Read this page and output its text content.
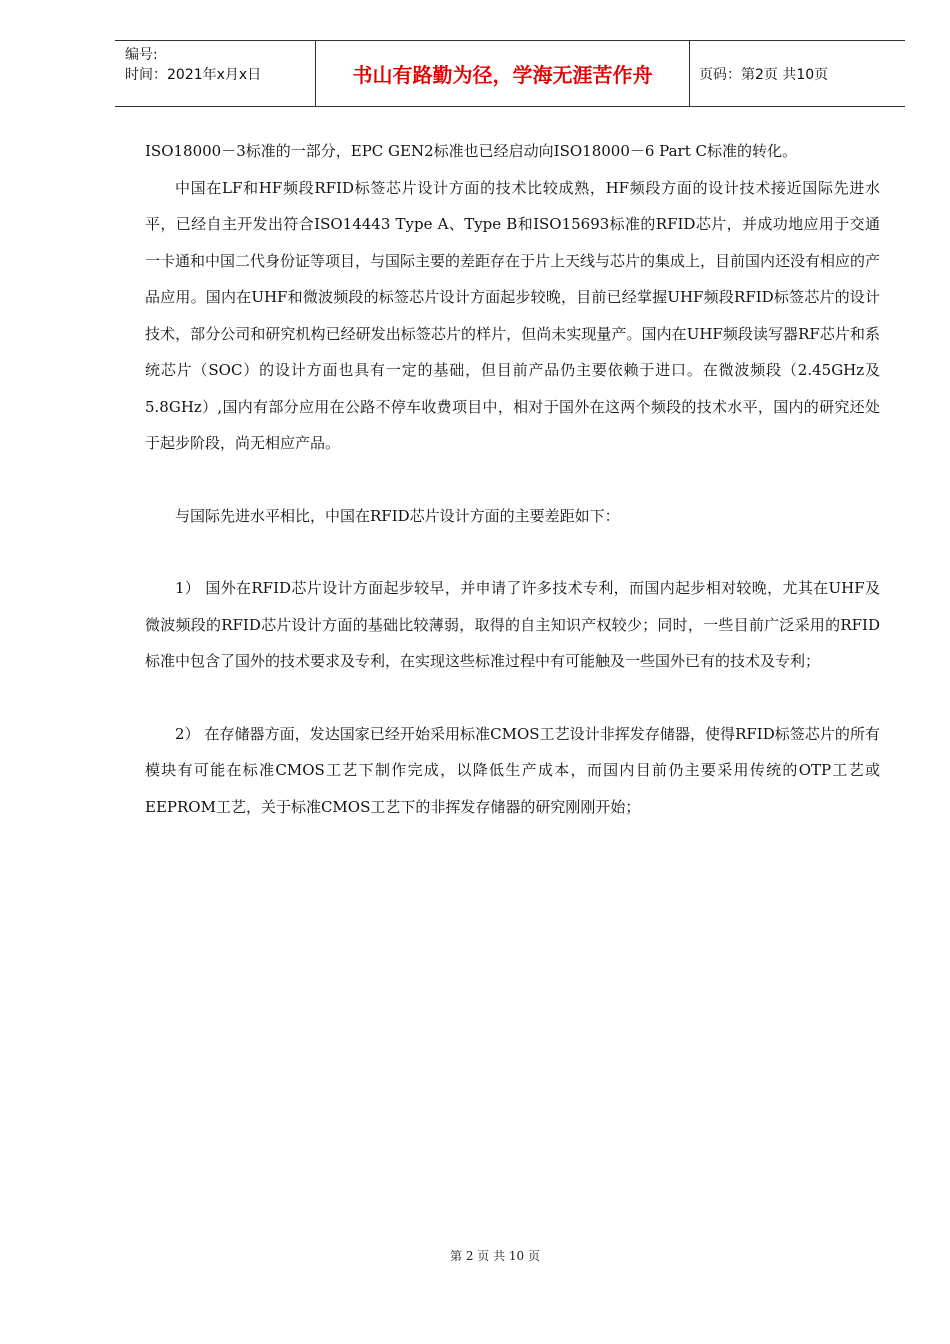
编号:
时间：2021年x月x日	书山有路勤为径，学海无涯苦作舟	页码：第2页 共10页

ISO18000－3标准的一部分，EPC GEN2标准也已经启动向ISO18000－6 Part C标准的转化。

中国在LF和HF频段RFID标签芯片设计方面的技术比较成熟，HF频段方面的设计技术接近国际先进水平，已经自主开发出符合ISO14443 Type A、Type B和ISO15693标准的RFID芯片，并成功地应用于交通一卡通和中国二代身份证等项目，与国际主要的差距存在于片上天线与芯片的集成上，目前国内还没有相应的产品应用。国内在UHF和微波频段的标签芯片设计方面起步较晚，目前已经掌握UHF频段RFID标签芯片的设计技术，部分公司和研究机构已经研发出标签芯片的样片，但尚未实现量产。国内在UHF频段读写器RF芯片和系统芯片（SOC）的设计方面也具有一定的基础，但目前产品仍主要依赖于进口。在微波频段（2.45GHz及5.8GHz）,国内有部分应用在公路不停车收费项目中，相对于国外在这两个频段的技术水平，国内的研究还处于起步阶段，尚无相应产品。

与国际先进水平相比，中国在RFID芯片设计方面的主要差距如下：

1） 国外在RFID芯片设计方面起步较早，并申请了许多技术专利，而国内起步相对较晚，尤其在UHF及微波频段的RFID芯片设计方面的基础比较薄弱，取得的自主知识产权较少；同时，一些目前广泛采用的RFID标准中包含了国外的技术要求及专利，在实现这些标准过程中有可能触及一些国外已有的技术及专利；

2） 在存储器方面，发达国家已经开始采用标准CMOS工艺设计非挥发存储器，使得RFID标签芯片的所有模块有可能在标准CMOS工艺下制作完成，以降低生产成本，而国内目前仍主要采用传统的OTP工艺或EEPROM工艺，关于标准CMOS工艺下的非挥发存储器的研究刚刚开始；

第 2 页 共 10 页
